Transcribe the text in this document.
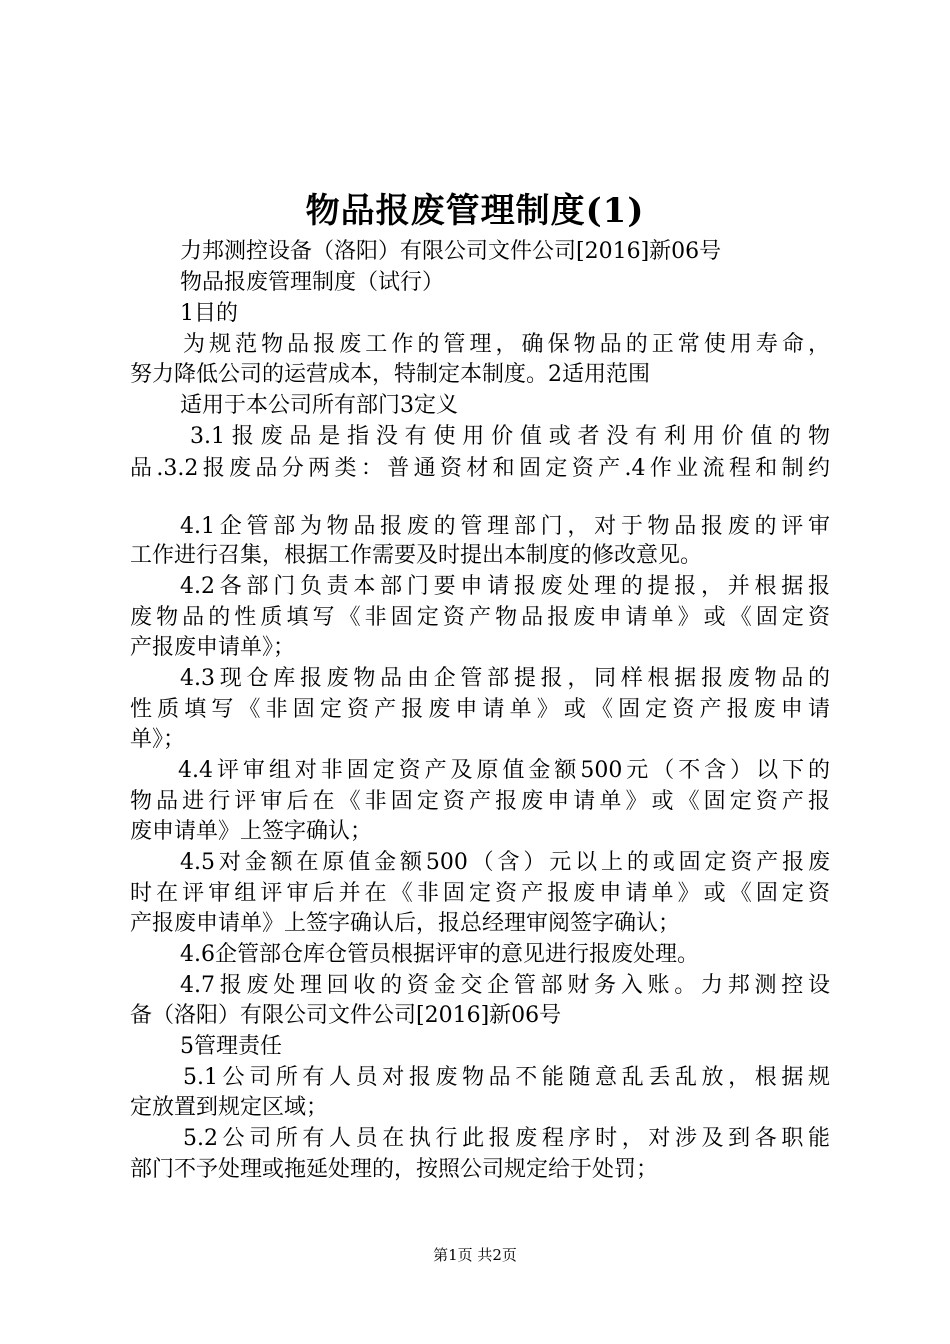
物品报废管理制度(1)
力邦测控设备（洛阳）有限公司文件公司[2016]新06号
物品报废管理制度（试行）
1目的
为规范物品报废工作的管理，确保物品的正常使用寿命，
努力降低公司的运营成本，特制定本制度。2适用范围
适用于本公司所有部门3定义
3.1报废品是指没有使用价值或者没有利用价值的物
品.3.2报废品分两类：普通资材和固定资产.4作业流程和制约
4.1企管部为物品报废的管理部门，对于物品报废的评审
工作进行召集，根据工作需要及时提出本制度的修改意见。
4.2各部门负责本部门要申请报废处理的提报，并根据报
废物品的性质填写《非固定资产物品报废申请单》或《固定资
产报废申请单》；
4.3现仓库报废物品由企管部提报，同样根据报废物品的
性质填写《非固定资产报废申请单》或《固定资产报废申请
单》；
4.4评审组对非固定资产及原值金额500元（不含）以下的
物品进行评审后在《非固定资产报废申请单》或《固定资产报
废申请单》上签字确认；
4.5对金额在原值金额500（含）元以上的或固定资产报废
时在评审组评审后并在《非固定资产报废申请单》或《固定资
产报废申请单》上签字确认后，报总经理审阅签字确认；
4.6企管部仓库仓管员根据评审的意见进行报废处理。
4.7报废处理回收的资金交企管部财务入账。力邦测控设
备（洛阳）有限公司文件公司[2016]新06号
5管理责任
5.1公司所有人员对报废物品不能随意乱丢乱放，根据规
定放置到规定区域；
5.2公司所有人员在执行此报废程序时，对涉及到各职能
部门不予处理或拖延处理的，按照公司规定给于处罚；
第1页 共2页
